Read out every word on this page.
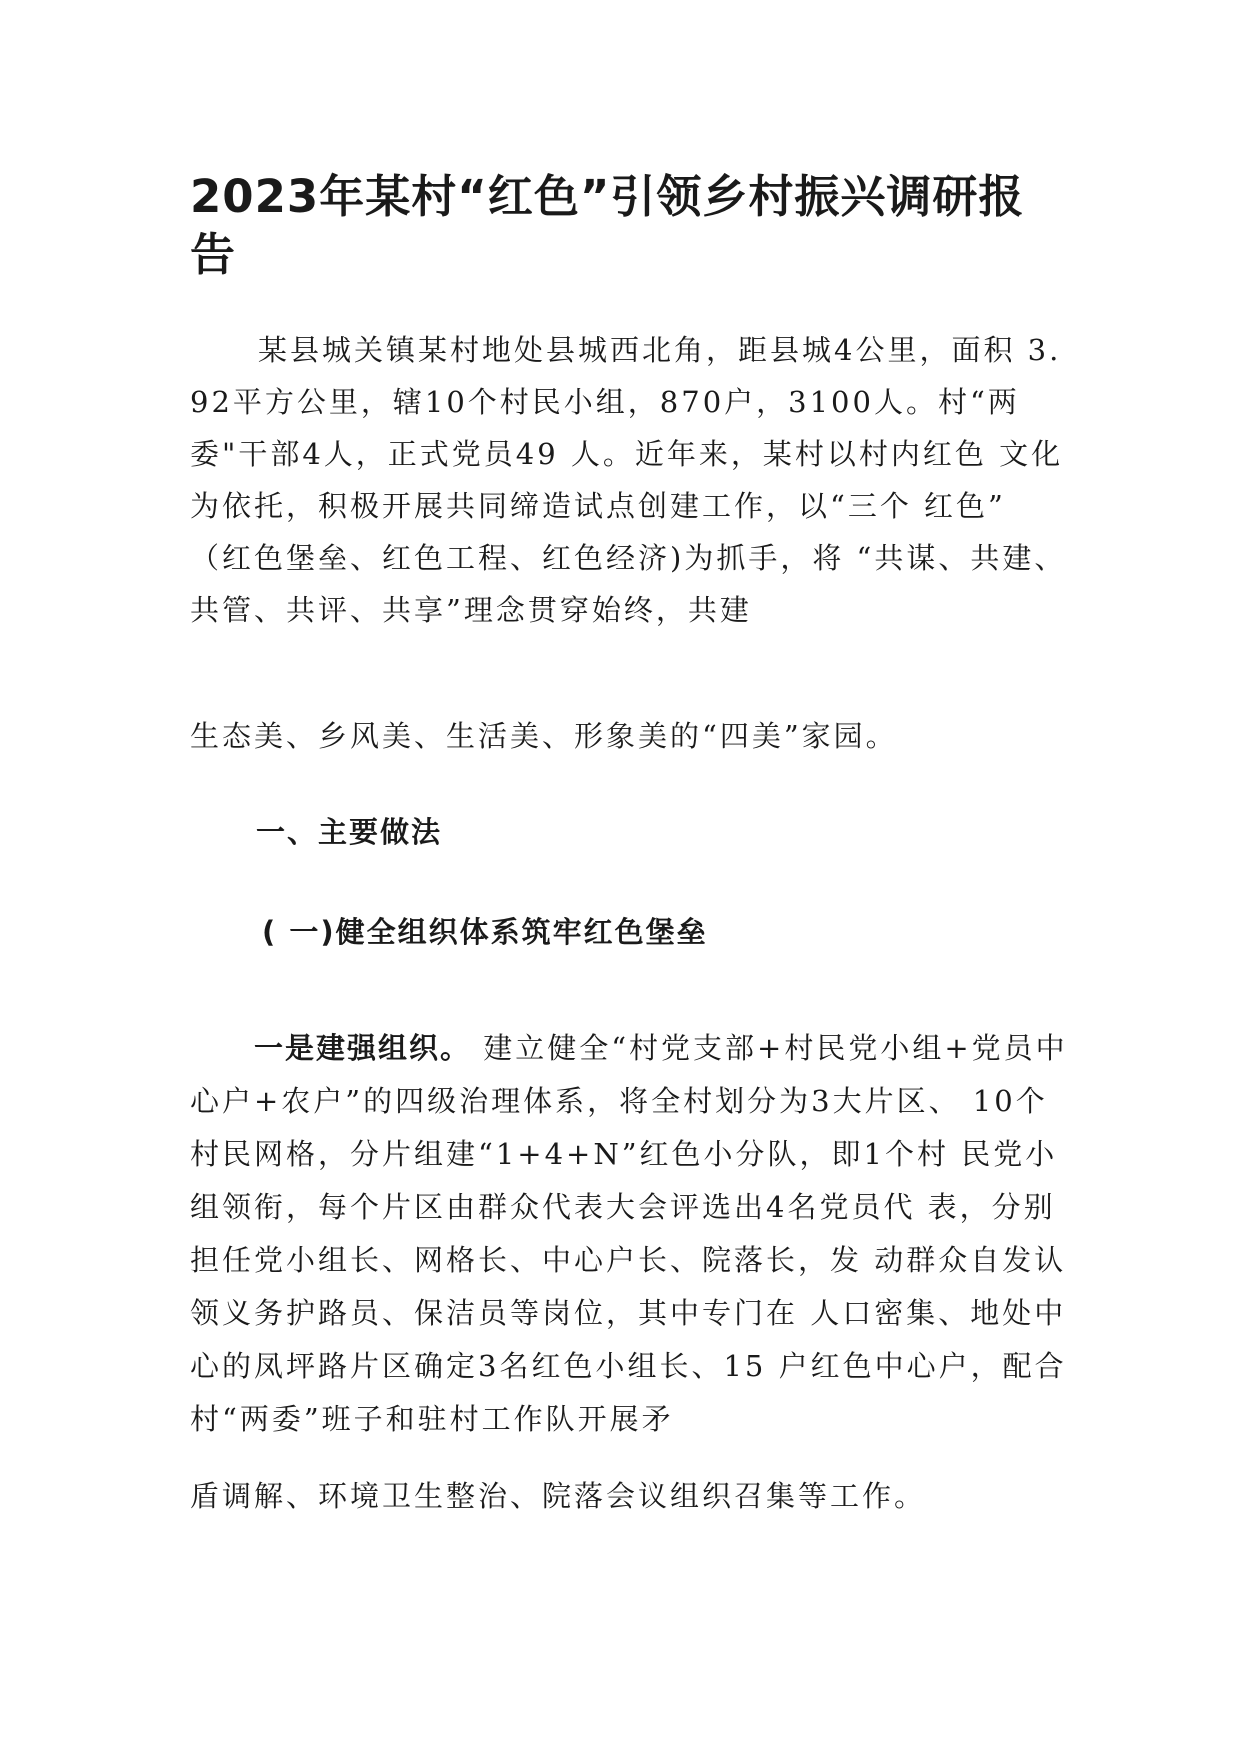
2023年某村“红色”引领乡村振兴调研报告

某县城关镇某村地处县城西北角，距县城4公里，面积 3.92平方公里，辖10个村民小组，870户，3100人。村“两 委"干部4人，正式党员49 人。近年来，某村以村内红色 文化为依托，积极开展共同缔造试点创建工作，以“三个 红色” （红色堡垒、红色工程、红色经济)为抓手，将 “共谋、共建、共管、共评、共享”理念贯穿始终，共建

生态美、乡风美、生活美、形象美的“四美”家园。

一、主要做法
( 一)健全组织体系筑牢红色堡垒

一是建强组织。 建立健全“村党支部+村民党小组+党员中心户+农户”的四级治理体系，将全村划分为3大片区、 10个村民网格，分片组建“1+4+N”红色小分队，即1个村 民党小组领衔，每个片区由群众代表大会评选出4名党员代 表，分别担任党小组长、网格长、中心户长、院落长，发 动群众自发认领义务护路员、保洁员等岗位，其中专门在 人口密集、地处中心的凤坪路片区确定3名红色小组长、15 户红色中心户，配合村“两委”班子和驻村工作队开展矛

盾调解、环境卫生整治、院落会议组织召集等工作。
